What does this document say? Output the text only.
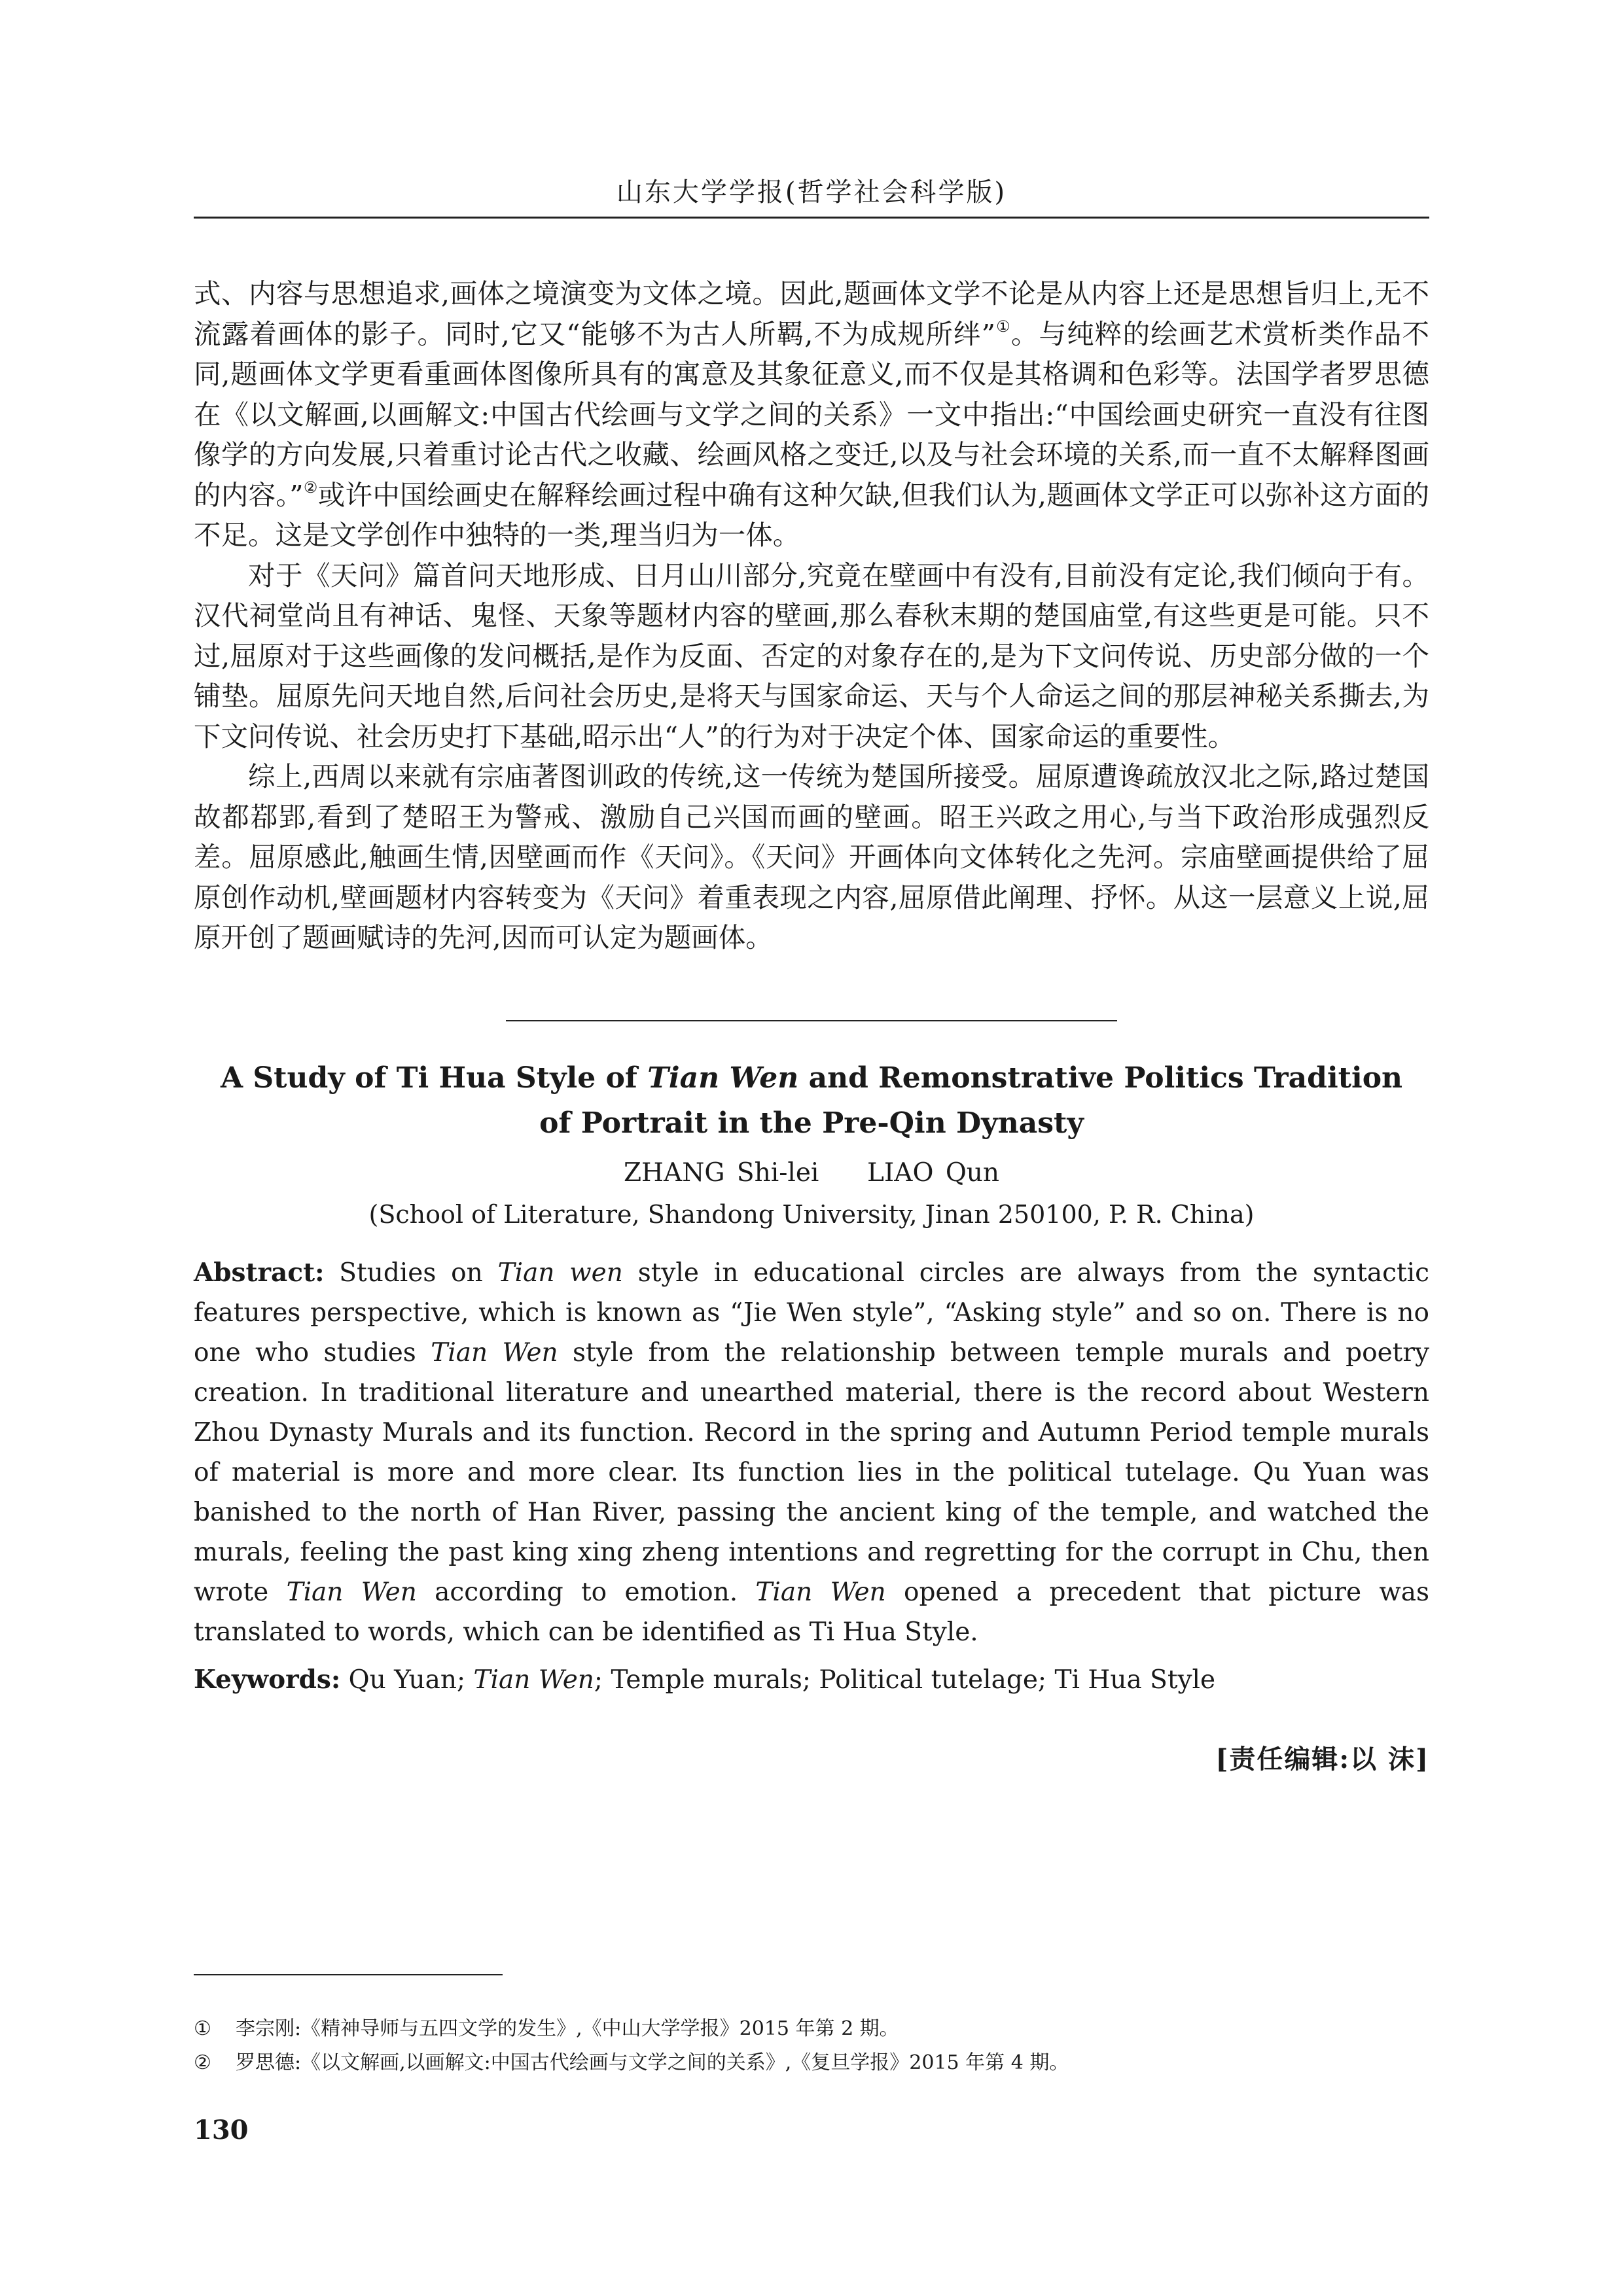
山东大学学报(哲学社会科学版)

式、内容与思想追求,画体之境演变为文体之境。因此,题画体文学不论是从内容上还是思想旨归上,无不流露着画体的影子。同时,它又“能够不为古人所羁,不为成规所绊”①。与纯粹的绘画艺术赏析类作品不同,题画体文学更看重画体图像所具有的寓意及其象征意义,而不仅是其格调和色彩等。法国学者罗思德在《以文解画,以画解文:中国古代绘画与文学之间的关系》一文中指出:“中国绘画史研究一直没有往图像学的方向发展,只着重讨论古代之收藏、绘画风格之变迁,以及与社会环境的关系,而一直不太解释图画的内容。”②或许中国绘画史在解释绘画过程中确有这种欠缺,但我们认为,题画体文学正可以弥补这方面的不足。这是文学创作中独特的一类,理当归为一体。

对于《天问》篇首问天地形成、日月山川部分,究竟在壁画中有没有,目前没有定论,我们倾向于有。汉代祠堂尚且有神话、鬼怪、天象等题材内容的壁画,那么春秋末期的楚国庙堂,有这些更是可能。只不过,屈原对于这些画像的发问概括,是作为反面、否定的对象存在的,是为下文问传说、历史部分做的一个铺垫。屈原先问天地自然,后问社会历史,是将天与国家命运、天与个人命运之间的那层神秘关系撕去,为下文问传说、社会历史打下基础,昭示出“人”的行为对于决定个体、国家命运的重要性。

综上,西周以来就有宗庙著图训政的传统,这一传统为楚国所接受。屈原遭谗疏放汉北之际,路过楚国故都鄀郢,看到了楚昭王为警戒、激励自己兴国而画的壁画。昭王兴政之用心,与当下政治形成强烈反差。屈原感此,触画生情,因壁画而作《天问》。《天问》开画体向文体转化之先河。宗庙壁画提供给了屈原创作动机,壁画题材内容转变为《天问》着重表现之内容,屈原借此阐理、抒怀。从这一层意义上说,屈原开创了题画赋诗的先河,因而可认定为题画体。

A Study of Ti Hua Style of Tian Wen and Remonstrative Politics Tradition
of Portrait in the Pre-Qin Dynasty
ZHANG Shi-lei LIAO Qun
(School of Literature, Shandong University, Jinan 250100, P. R. China)

Abstract: Studies on Tian wen style in educational circles are always from the syntactic features perspective, which is known as “Jie Wen style”, “Asking style” and so on. There is no one who studies Tian Wen style from the relationship between temple murals and poetry creation. In traditional literature and unearthed material, there is the record about Western Zhou Dynasty Murals and its function. Record in the spring and Autumn Period temple murals of material is more and more clear. Its function lies in the political tutelage. Qu Yuan was banished to the north of Han River, passing the ancient king of the temple, and watched the murals, feeling the past king xing zheng intentions and regretting for the corrupt in Chu, then wrote Tian Wen according to emotion. Tian Wen opened a precedent that picture was translated to words, which can be identified as Ti Hua Style.

Keywords: Qu Yuan; Tian Wen; Temple murals; Political tutelage; Ti Hua Style

[责任编辑:以 沫]
① 李宗刚:《精神导师与五四文学的发生》,《中山大学学报》2015 年第 2 期。
② 罗思德:《以文解画,以画解文:中国古代绘画与文学之间的关系》,《复旦学报》2015 年第 4 期。
130
